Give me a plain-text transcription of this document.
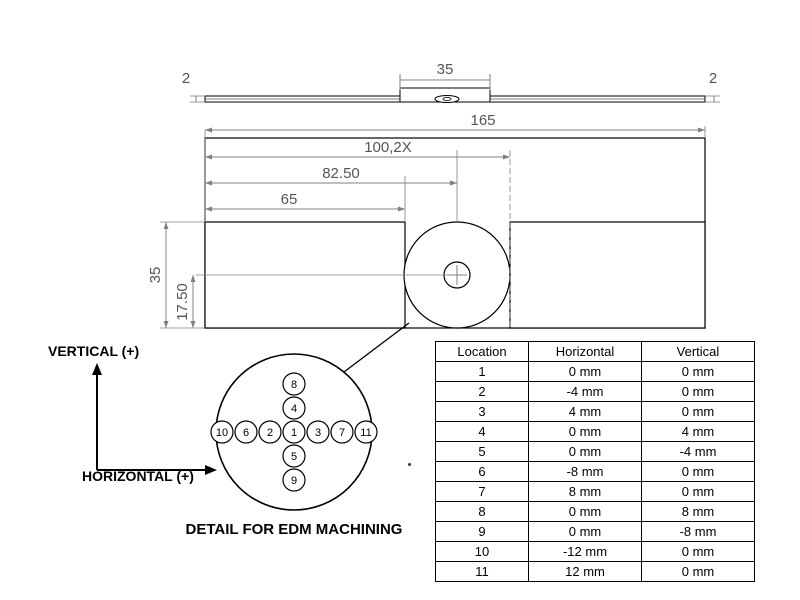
35
2	2
165
100,2X
82.50
65
35
17.50
DETAIL FOR EDM MACHINING
VERTICAL (+)
HORIZONTAL (+)
8
4
10 6 2 1 3 7 11
5
9
Location	Horizontal	Vertical
1	0 mm	0 mm
2	-4 mm	0 mm
3	4 mm	0 mm
4	0 mm	4 mm
5	0 mm	-4 mm
6	-8 mm	0 mm
7	8 mm	0 mm
8	0 mm	8 mm
9	0 mm	-8 mm
10	-12 mm	0 mm
11	12 mm	0 mm
